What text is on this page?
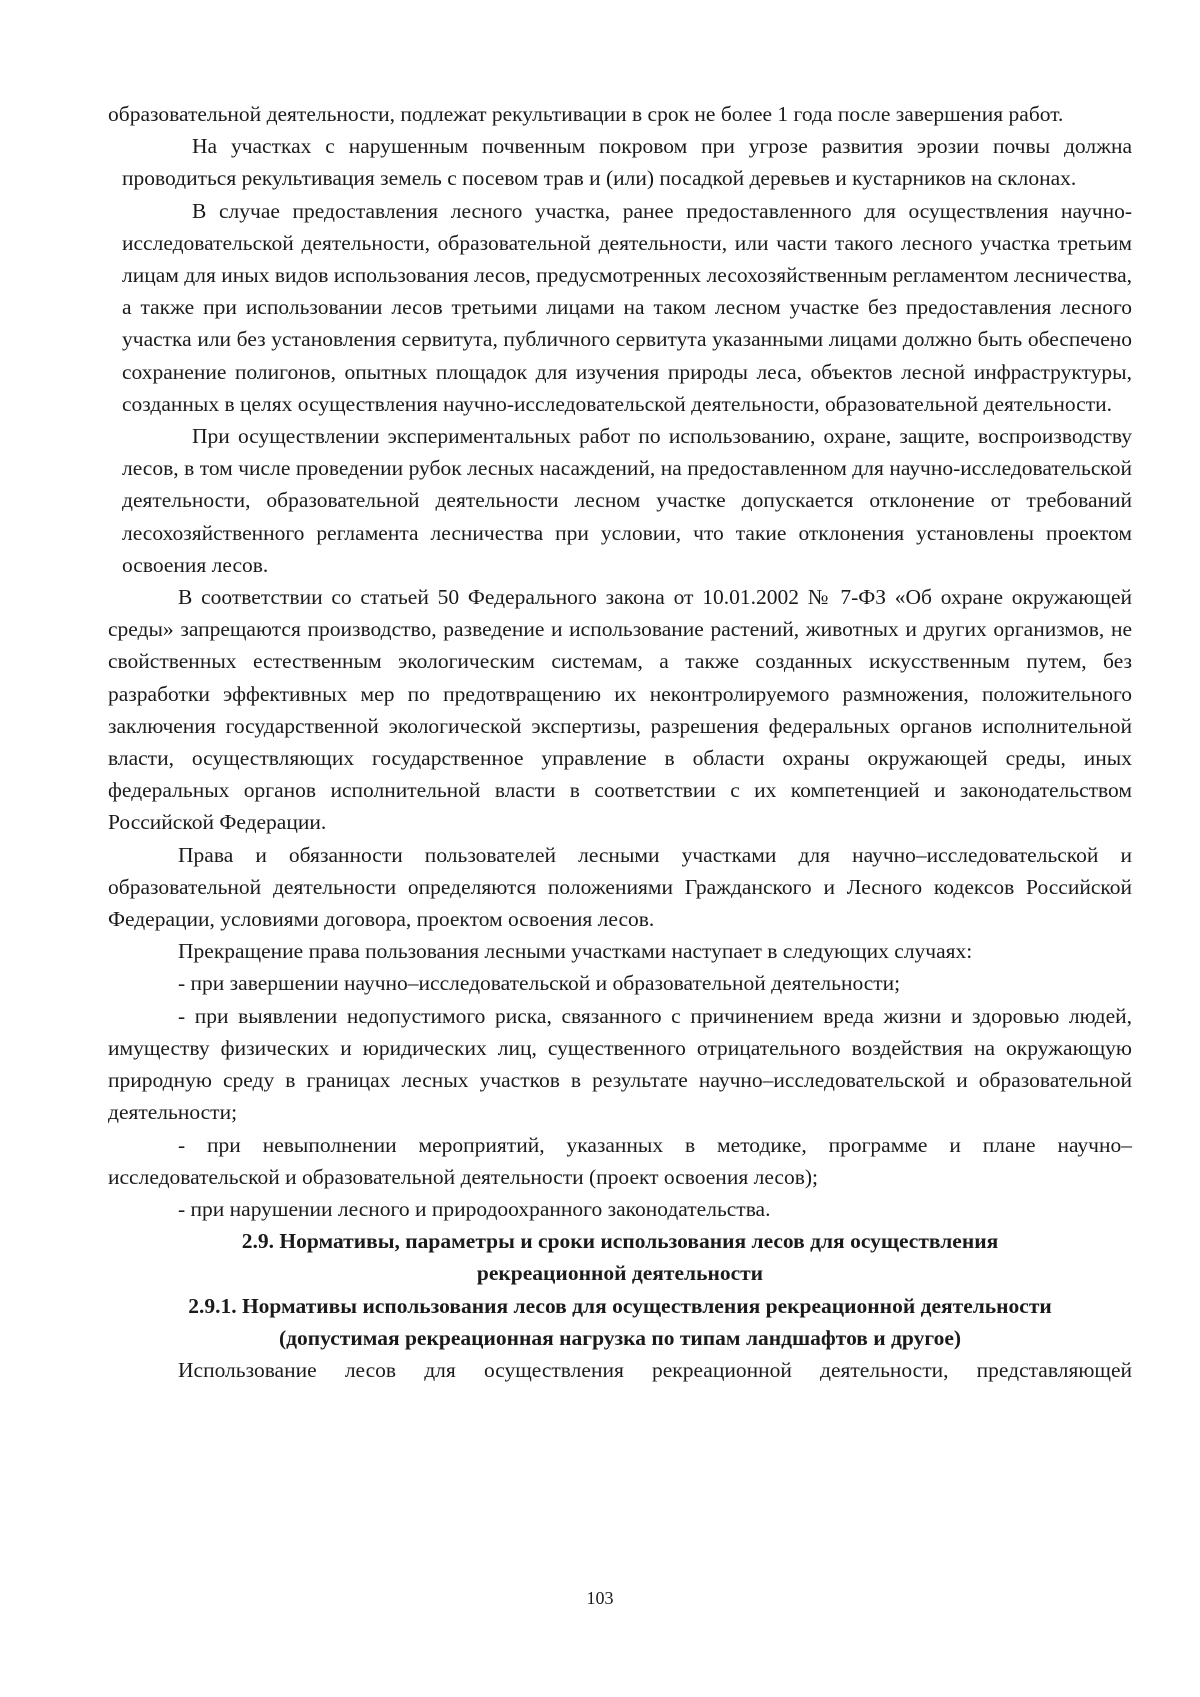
образовательной деятельности, подлежат рекультивации в срок не более 1 года после завершения работ.

На участках с нарушенным почвенным покровом при угрозе развития эрозии почвы должна проводиться рекультивация земель с посевом трав и (или) посадкой деревьев и кустарников на склонах.

В случае предоставления лесного участка, ранее предоставленного для осуществления научно-исследовательской деятельности, образовательной деятельности, или части такого лесного участка третьим лицам для иных видов использования лесов, предусмотренных лесохозяйственным регламентом лесничества, а также при использовании лесов третьими лицами на таком лесном участке без предоставления лесного участка или без установления сервитута, публичного сервитута указанными лицами должно быть обеспечено сохранение полигонов, опытных площадок для изучения природы леса, объектов лесной инфраструктуры, созданных в целях осуществления научно-исследовательской деятельности, образовательной деятельности.

При осуществлении экспериментальных работ по использованию, охране, защите, воспроизводству лесов, в том числе проведении рубок лесных насаждений, на предоставленном для научно-исследовательской деятельности, образовательной деятельности лесном участке допускается отклонение от требований лесохозяйственного регламента лесничества при условии, что такие отклонения установлены проектом освоения лесов.

В соответствии со статьей 50 Федерального закона от 10.01.2002 № 7-ФЗ «Об охране окружающей среды» запрещаются производство, разведение и использование растений, животных и других организмов, не свойственных естественным экологическим системам, а также созданных искусственным путем, без разработки эффективных мер по предотвращению их неконтролируемого размножения, положительного заключения государственной экологической экспертизы, разрешения федеральных органов исполнительной власти, осуществляющих государственное управление в области охраны окружающей среды, иных федеральных органов исполнительной власти в соответствии с их компетенцией и законодательством Российской Федерации.

Права и обязанности пользователей лесными участками для научно–исследовательской и образовательной деятельности определяются положениями Гражданского и Лесного кодексов Российской Федерации, условиями договора, проектом освоения лесов.

Прекращение права пользования лесными участками наступает в следующих случаях:

- при завершении научно–исследовательской и образовательной деятельности;

- при выявлении недопустимого риска, связанного с причинением вреда жизни и здоровью людей, имуществу физических и юридических лиц, существенного отрицательного воздействия на окружающую природную среду в границах лесных участков в результате научно–исследовательской и образовательной деятельности;

- при невыполнении мероприятий, указанных в методике, программе и плане научно–исследовательской и образовательной деятельности (проект освоения лесов);

- при нарушении лесного и природоохранного законодательства.

2.9. Нормативы, параметры и сроки использования лесов для осуществления
рекреационной деятельности

2.9.1. Нормативы использования лесов для осуществления рекреационной деятельности
(допустимая рекреационная нагрузка по типам ландшафтов и другое)

Использование лесов для осуществления рекреационной деятельности, представляющей

103
